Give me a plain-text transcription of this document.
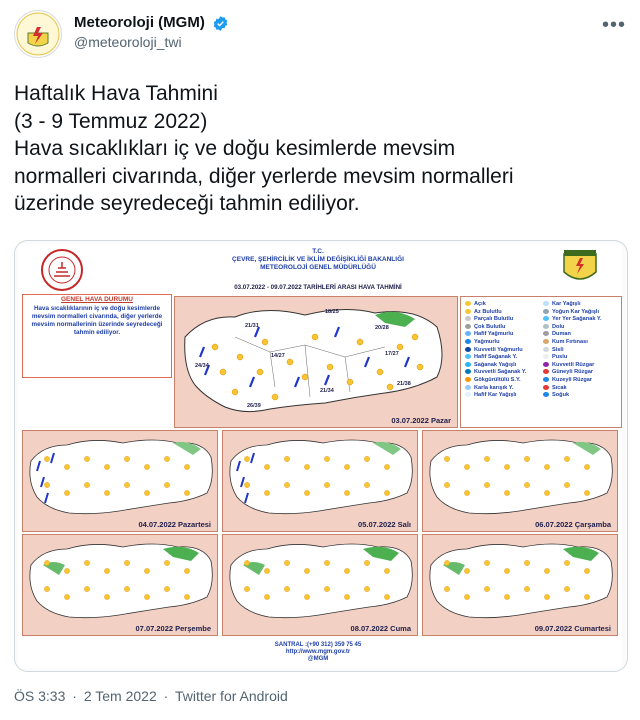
Meteoroloji (MGM)
@meteoroloji_twi
•••
Haftalık Hava Tahmini
(3 - 9 Temmuz 2022)
Hava sıcaklıkları iç ve doğu kesimlerde mevsim
normalleri civarında, diğer yerlerde mevsim normalleri
üzerinde seyredeceği tahmin ediliyor.
T.C.
ÇEVRE, ŞEHİRCİLİK VE İKLİM DEĞİŞİKLİĞİ BAKANLIĞI
METEOROLOJİ GENEL MÜDÜRLÜĞÜ
03.07.2022 - 09.07.2022 TARİHLERİ ARASI HAVA TAHMİNİ
GENEL HAVA DURUMU
Hava sıcaklıklarının iç ve doğu kesimlerde mevsim normalleri civarında, diğer yerlerde mevsim normallerinin üzerinde seyredeceği tahmin ediliyor.
18/25
20/28
21/31
14/27	17/27
21/38
24/34
21/34
26/39
03.07.2022 Pazar
Açık
Az Bulutlu
Parçalı Bulutlu
Çok Bulutlu
Hafif Yağmurlu
Yağmurlu
Kuvvetli Yağmurlu
Hafif Sağanak Y.
Sağanak Yağışlı
Kuvvetli Sağanak Y.
Gökgürültülü S.Y.
Karla karışık Y.
Hafif Kar Yağışlı
Kar Yağışlı
Yoğun Kar Yağışlı
Yer Yer Sağanak Y.
Dolu
Duman
Kum Fırtınası
Sisli
Puslu
Kuvvetli Rüzgar
Güneyli Rüzgar
Kuzeyli Rüzgar
Sıcak
Soğuk
04.07.2022 Pazartesi	05.07.2022 Salı	06.07.2022 Çarşamba
07.07.2022 Perşembe	08.07.2022 Cuma	09.07.2022 Cumartesi
SANTRAL :(+90 312) 359 75 45
http://www.mgm.gov.tr
@MGM
ÖS 3:33 · 2 Tem 2022 · Twitter for Android
